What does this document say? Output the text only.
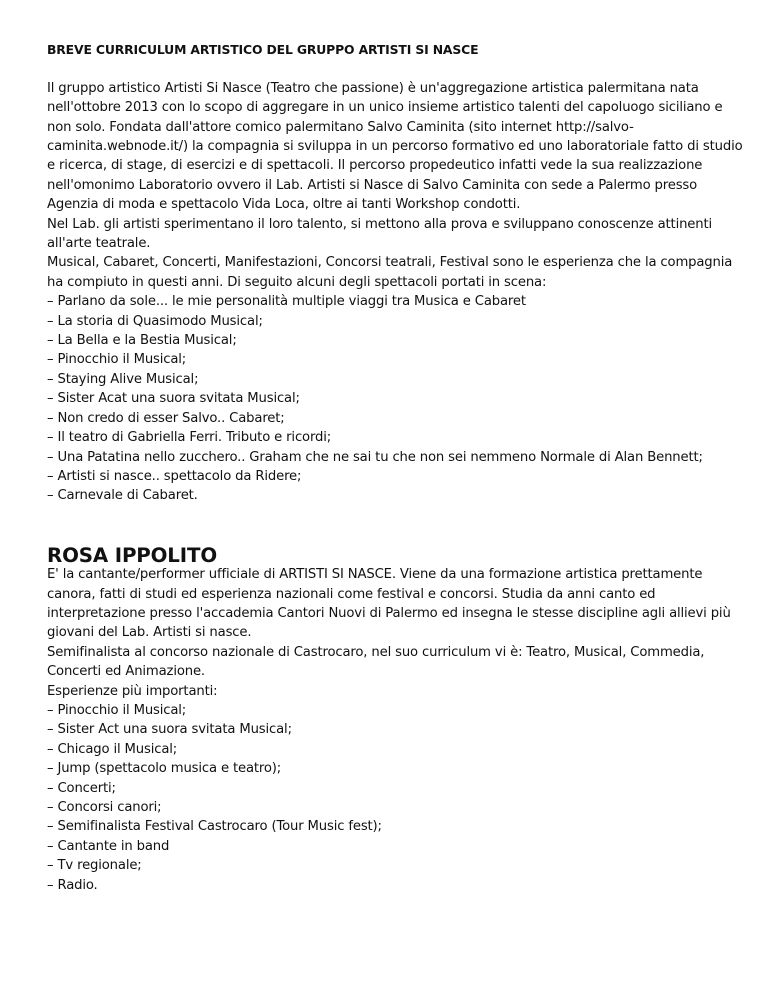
BREVE CURRICULUM ARTISTICO DEL GRUPPO ARTISTI SI NASCE

Il gruppo artistico Artisti Si Nasce (Teatro che passione) è un'aggregazione artistica palermitana nata nell'ottobre 2013 con lo scopo di aggregare in un unico insieme artistico talenti del capoluogo siciliano e non solo. Fondata dall'attore comico palermitano Salvo Caminita (sito internet http://salvo-caminita.webnode.it/) la compagnia si sviluppa in un percorso formativo ed uno laboratoriale fatto di studio e ricerca, di stage, di esercizi e di spettacoli. Il percorso propedeutico infatti vede la sua realizzazione nell'omonimo Laboratorio ovvero il Lab. Artisti si Nasce di Salvo Caminita con sede a Palermo presso Agenzia di moda e spettacolo Vida Loca, oltre ai tanti Workshop condotti.

Nel Lab. gli artisti sperimentano il loro talento, si mettono alla prova e sviluppano conoscenze attinenti all'arte teatrale.

Musical, Cabaret, Concerti, Manifestazioni, Concorsi teatrali, Festival sono le esperienza che la compagnia ha compiuto in questi anni. Di seguito alcuni degli spettacoli portati in scena:

– Parlano da sole... le mie personalità multiple viaggi tra Musica e Cabaret
– La storia di Quasimodo Musical;
– La Bella e la Bestia Musical;
– Pinocchio il Musical;
– Staying Alive Musical;
– Sister Acat una suora svitata Musical;
– Non credo di esser Salvo.. Cabaret;
– Il teatro di Gabriella Ferri. Tributo e ricordi;
– Una Patatina nello zucchero.. Graham che ne sai tu che non sei nemmeno Normale di Alan Bennett;
– Artisti si nasce.. spettacolo da Ridere;
– Carnevale di Cabaret.
ROSA IPPOLITO

E' la cantante/performer ufficiale di ARTISTI SI NASCE. Viene da una formazione artistica prettamente canora, fatti di studi ed esperienza nazionali come festival e concorsi. Studia da anni canto ed interpretazione presso l'accademia Cantori Nuovi di Palermo ed insegna le stesse discipline agli allievi più giovani del Lab. Artisti si nasce.

Semifinalista al concorso nazionale di Castrocaro, nel suo curriculum vi è: Teatro, Musical, Commedia, Concerti ed Animazione.

Esperienze più importanti:

– Pinocchio il Musical;
– Sister Act una suora svitata Musical;
– Chicago il Musical;
– Jump (spettacolo musica e teatro);
– Concerti;
– Concorsi canori;
– Semifinalista Festival Castrocaro (Tour Music fest);
– Cantante in band
– Tv regionale;
– Radio.
